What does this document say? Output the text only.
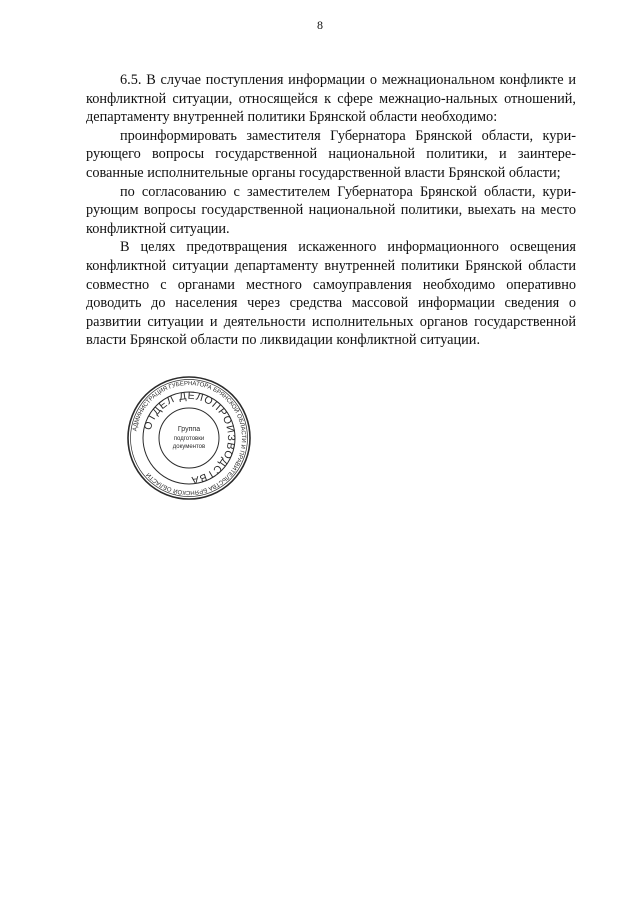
8

6.5. В случае поступления информации о межнациональном конфликте и конфликтной ситуации, относящейся к сфере межнацио-нальных отношений, департаменту внутренней политики Брянской области необходимо:

проинформировать заместителя Губернатора Брянской области, кури-рующего вопросы государственной национальной политики, и заинтере-сованные исполнительные органы государственной власти Брянской области;

по согласованию с заместителем Губернатора Брянской области, кури-рующим вопросы государственной национальной политики, выехать на место конфликтной ситуации.

В целях предотвращения искаженного информационного освещения конфликтной ситуации департаменту внутренней политики Брянской области совместно с органами местного самоуправления необходимо оперативно доводить до населения через средства массовой информации сведения о развитии ситуации и деятельности исполнительных органов государственной власти Брянской области по ликвидации конфликтной ситуации.

АДМИНИСТРАЦИЯ ГУБЕРНАТОРА БРЯНСКОЙ ОБЛАСТИ И ПРАВИТЕЛЬСТВА БРЯНСКОЙ ОБЛАСТИ
ОТДЕЛ ДЕЛОПРОИЗВОДСТВА
Группа
подготовки
документов
